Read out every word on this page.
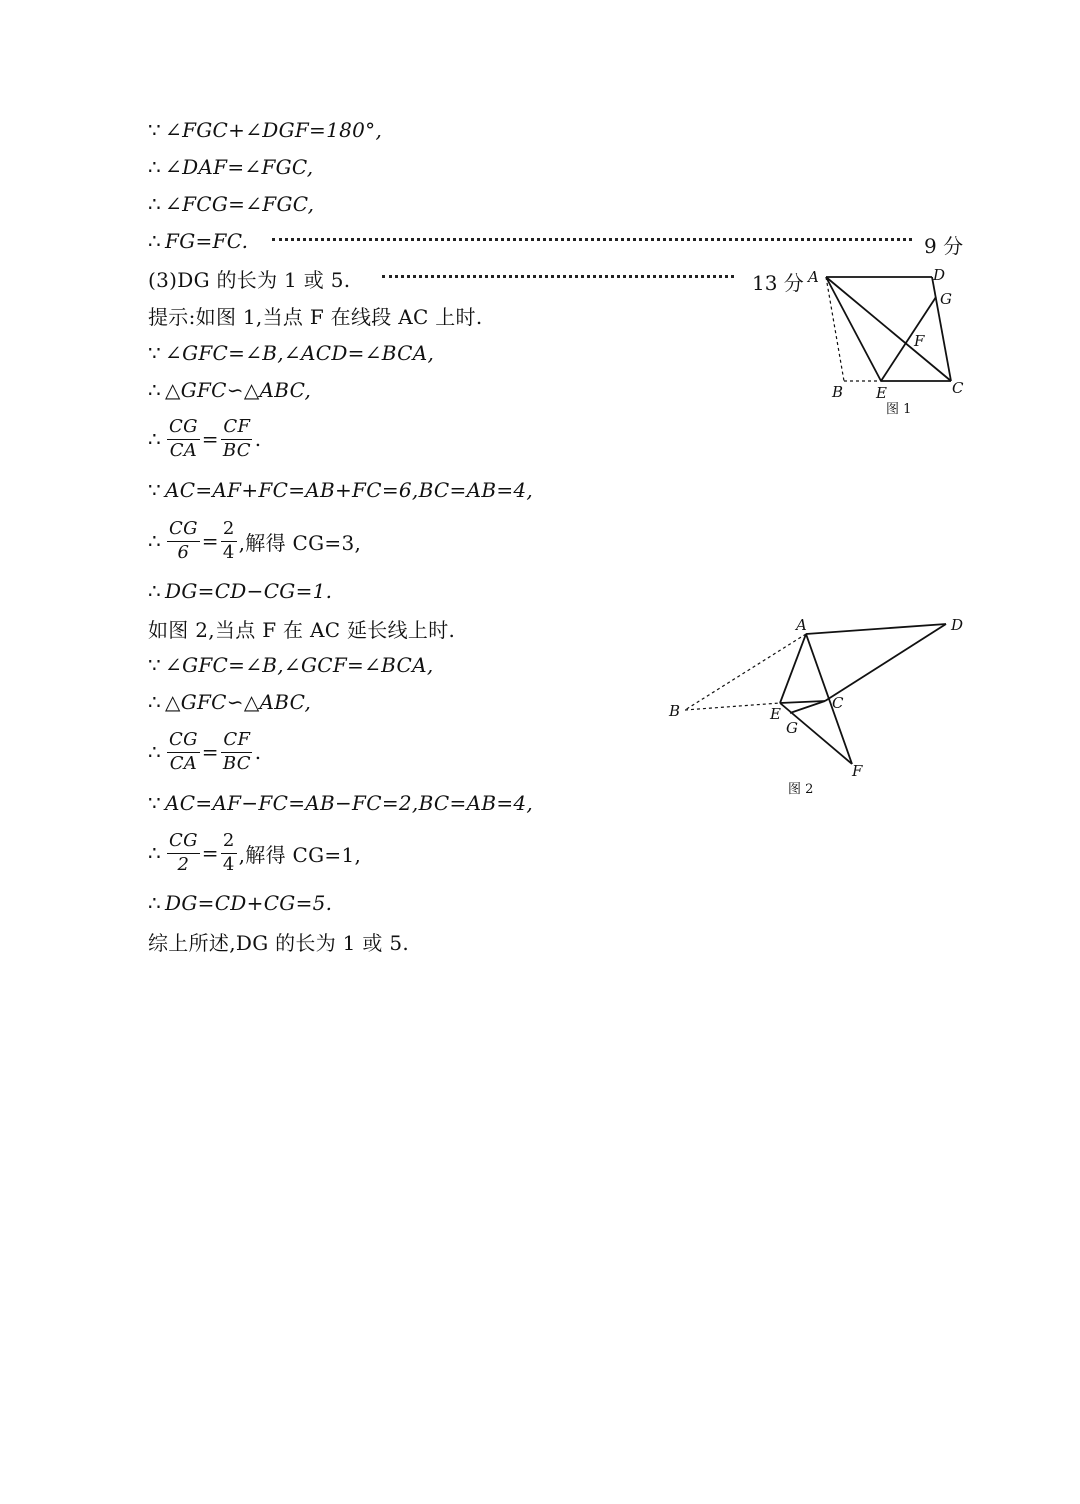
∵ ∠FGC+∠DGF=180°,
∴ ∠DAF=∠FGC,
∴ ∠FCG=∠FGC,
∴ FG=FC.	9 分
(3)DG 的长为 1 或 5.	13 分
提示:如图 1,当点 F 在线段 AC 上时.
∵ ∠GFC=∠B,∠ACD=∠BCA,
∴ △GFC∽△ABC,
∴ $\frac{CG}{CA} = \frac{CF}{BC}$ .
∵ AC=AF+FC=AB+FC=6,BC=AB=4,
∴ $\frac{CG}{6} = \frac{2}{4}$ ,解得 CG=3,
∴ DG=CD−CG=1.
如图 2,当点 F 在 AC 延长线上时.
∵ ∠GFC=∠B,∠GCF=∠BCA,
∴ △GFC∽△ABC,
∴ $\frac{CG}{CA} = \frac{CF}{BC}$ .
∵ AC=AF−FC=AB−FC=2,BC=AB=4,
∴ $\frac{CG}{2} = \frac{2}{4}$ ,解得 CG=1,
∴ DG=CD+CG=5.
综上所述,DG 的长为 1 或 5.
A	D
G
F
B E	C
图 1
A	D
B	C
E
G
F
图 2
